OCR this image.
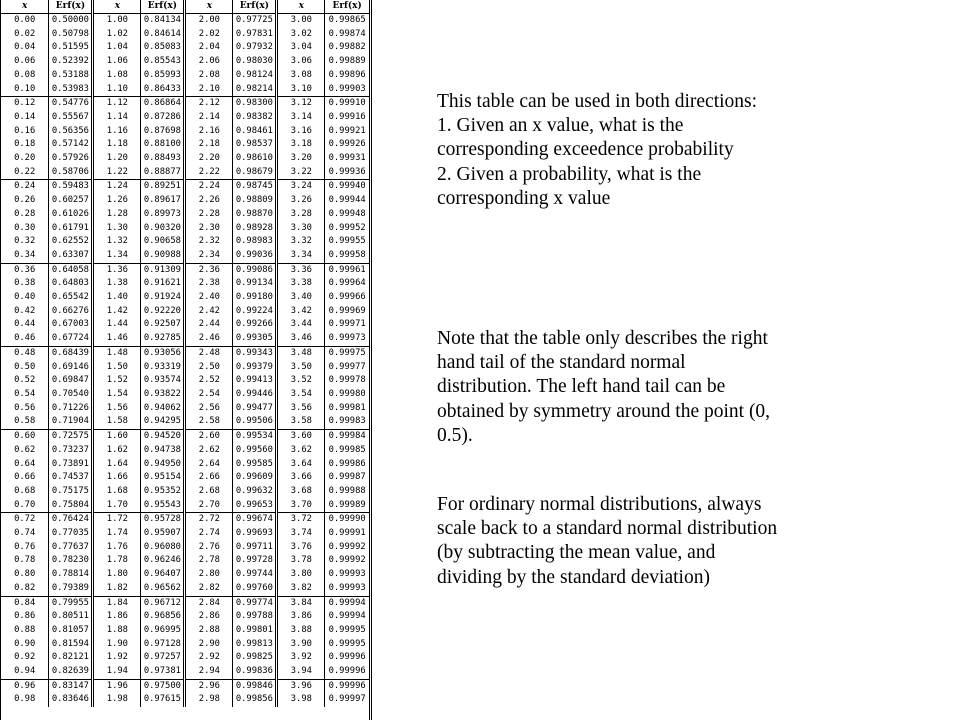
x	Erf(x)	x	Erf(x)	x	Erf(x)	x	Erf(x)
0.00	0.50000	1.00	0.84134	2.00	0.97725	3.00	0.99865
0.02	0.50798	1.02	0.84614	2.02	0.97831	3.02	0.99874
0.04	0.51595	1.04	0.85083	2.04	0.97932	3.04	0.99882
0.06	0.52392	1.06	0.85543	2.06	0.98030	3.06	0.99889
0.08	0.53188	1.08	0.85993	2.08	0.98124	3.08	0.99896
0.10	0.53983	1.10	0.86433	2.10	0.98214	3.10	0.99903
0.12	0.54776	1.12	0.86864	2.12	0.98300	3.12	0.99910
0.14	0.55567	1.14	0.87286	2.14	0.98382	3.14	0.99916
0.16	0.56356	1.16	0.87698	2.16	0.98461	3.16	0.99921
0.18	0.57142	1.18	0.88100	2.18	0.98537	3.18	0.99926
0.20	0.57926	1.20	0.88493	2.20	0.98610	3.20	0.99931
0.22	0.58706	1.22	0.88877	2.22	0.98679	3.22	0.99936
0.24	0.59483	1.24	0.89251	2.24	0.98745	3.24	0.99940
0.26	0.60257	1.26	0.89617	2.26	0.98809	3.26	0.99944
0.28	0.61026	1.28	0.89973	2.28	0.98870	3.28	0.99948
0.30	0.61791	1.30	0.90320	2.30	0.98928	3.30	0.99952
0.32	0.62552	1.32	0.90658	2.32	0.98983	3.32	0.99955
0.34	0.63307	1.34	0.90988	2.34	0.99036	3.34	0.99958
0.36	0.64058	1.36	0.91309	2.36	0.99086	3.36	0.99961
0.38	0.64803	1.38	0.91621	2.38	0.99134	3.38	0.99964
0.40	0.65542	1.40	0.91924	2.40	0.99180	3.40	0.99966
0.42	0.66276	1.42	0.92220	2.42	0.99224	3.42	0.99969
0.44	0.67003	1.44	0.92507	2.44	0.99266	3.44	0.99971
0.46	0.67724	1.46	0.92785	2.46	0.99305	3.46	0.99973
0.48	0.68439	1.48	0.93056	2.48	0.99343	3.48	0.99975
0.50	0.69146	1.50	0.93319	2.50	0.99379	3.50	0.99977
0.52	0.69847	1.52	0.93574	2.52	0.99413	3.52	0.99978
0.54	0.70540	1.54	0.93822	2.54	0.99446	3.54	0.99980
0.56	0.71226	1.56	0.94062	2.56	0.99477	3.56	0.99981
0.58	0.71904	1.58	0.94295	2.58	0.99506	3.58	0.99983
0.60	0.72575	1.60	0.94520	2.60	0.99534	3.60	0.99984
0.62	0.73237	1.62	0.94738	2.62	0.99560	3.62	0.99985
0.64	0.73891	1.64	0.94950	2.64	0.99585	3.64	0.99986
0.66	0.74537	1.66	0.95154	2.66	0.99609	3.66	0.99987
0.68	0.75175	1.68	0.95352	2.68	0.99632	3.68	0.99988
0.70	0.75804	1.70	0.95543	2.70	0.99653	3.70	0.99989
0.72	0.76424	1.72	0.95728	2.72	0.99674	3.72	0.99990
0.74	0.77035	1.74	0.95907	2.74	0.99693	3.74	0.99991
0.76	0.77637	1.76	0.96080	2.76	0.99711	3.76	0.99992
0.78	0.78230	1.78	0.96246	2.78	0.99728	3.78	0.99992
0.80	0.78814	1.80	0.96407	2.80	0.99744	3.80	0.99993
0.82	0.79389	1.82	0.96562	2.82	0.99760	3.82	0.99993
0.84	0.79955	1.84	0.96712	2.84	0.99774	3.84	0.99994
0.86	0.80511	1.86	0.96856	2.86	0.99788	3.86	0.99994
0.88	0.81057	1.88	0.96995	2.88	0.99801	3.88	0.99995
0.90	0.81594	1.90	0.97128	2.90	0.99813	3.90	0.99995
0.92	0.82121	1.92	0.97257	2.92	0.99825	3.92	0.99996
0.94	0.82639	1.94	0.97381	2.94	0.99836	3.94	0.99996
0.96	0.83147	1.96	0.97500	2.96	0.99846	3.96	0.99996
0.98	0.83646	1.98	0.97615	2.98	0.99856	3.98	0.99997

This table can be used in both directions:
1. Given an x value, what is the
corresponding exceedence probability
2. Given a probability, what is the
corresponding x value

Note that the table only describes the right
hand tail of the standard normal
distribution. The left hand tail can be
obtained by symmetry around the point (0,
0.5).

For ordinary normal distributions, always
scale back to a standard normal distribution
(by subtracting the mean value, and
dividing by the standard deviation)
